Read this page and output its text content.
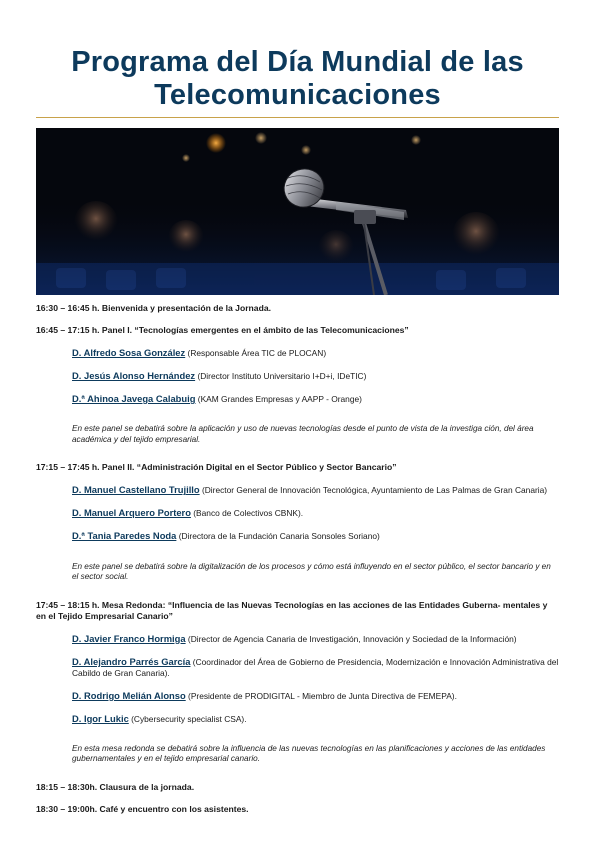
Programa del Día Mundial de las
Telecomunicaciones

16:30 – 16:45 h. Bienvenida y presentación de la Jornada.

16:45 – 17:15 h. Panel I. “Tecnologías emergentes en el ámbito de las Telecomunicaciones”

D. Alfredo Sosa González (Responsable Área TIC de PLOCAN)
D. Jesús Alonso Hernández (Director Instituto Universitario I+D+i, IDeTIC)
D.ª Ahinoa Javega Calabuig (KAM Grandes Empresas y AAPP - Orange)

En este panel se debatirá sobre la aplicación y uso de nuevas tecnologías desde el punto de vista de la investiga ción, del área académica y del tejido empresarial.

17:15 – 17:45 h. Panel II. “Administración Digital en el Sector Público y Sector Bancario”

D. Manuel Castellano Trujillo (Director General de Innovación Tecnológica, Ayuntamiento de Las Palmas de Gran Canaria)
D. Manuel Arquero Portero (Banco de Colectivos CBNK).
D.ª Tania Paredes Noda (Directora de la Fundación Canaria Sonsoles Soriano)

En este panel se debatirá sobre la digitalización de los procesos y cómo está influyendo en el sector público, el sector bancario y en el sector social.

17:45 – 18:15 h. Mesa Redonda: “Influencia de las Nuevas Tecnologías en las acciones de las Entidades Guberna- mentales y en el Tejido Empresarial Canario”

D. Javier Franco Hormiga (Director de Agencia Canaria de Investigación, Innovación y Sociedad de la Información)
D. Alejandro Parrés García (Coordinador del Área de Gobierno de Presidencia, Modernización e Innovación Administrativa del Cabildo de Gran Canaria).
D. Rodrigo Melián Alonso (Presidente de PRODIGITAL - Miembro de Junta Directiva de FEMEPA).
D. Igor Lukic (Cybersecurity specialist CSA).

En esta mesa redonda se debatirá sobre la influencia de las nuevas tecnologías en las planificaciones y acciones de las entidades gubernamentales y en el tejido empresarial canario.

18:15 – 18:30h. Clausura de la jornada.

18:30 – 19:00h. Café y encuentro con los asistentes.
